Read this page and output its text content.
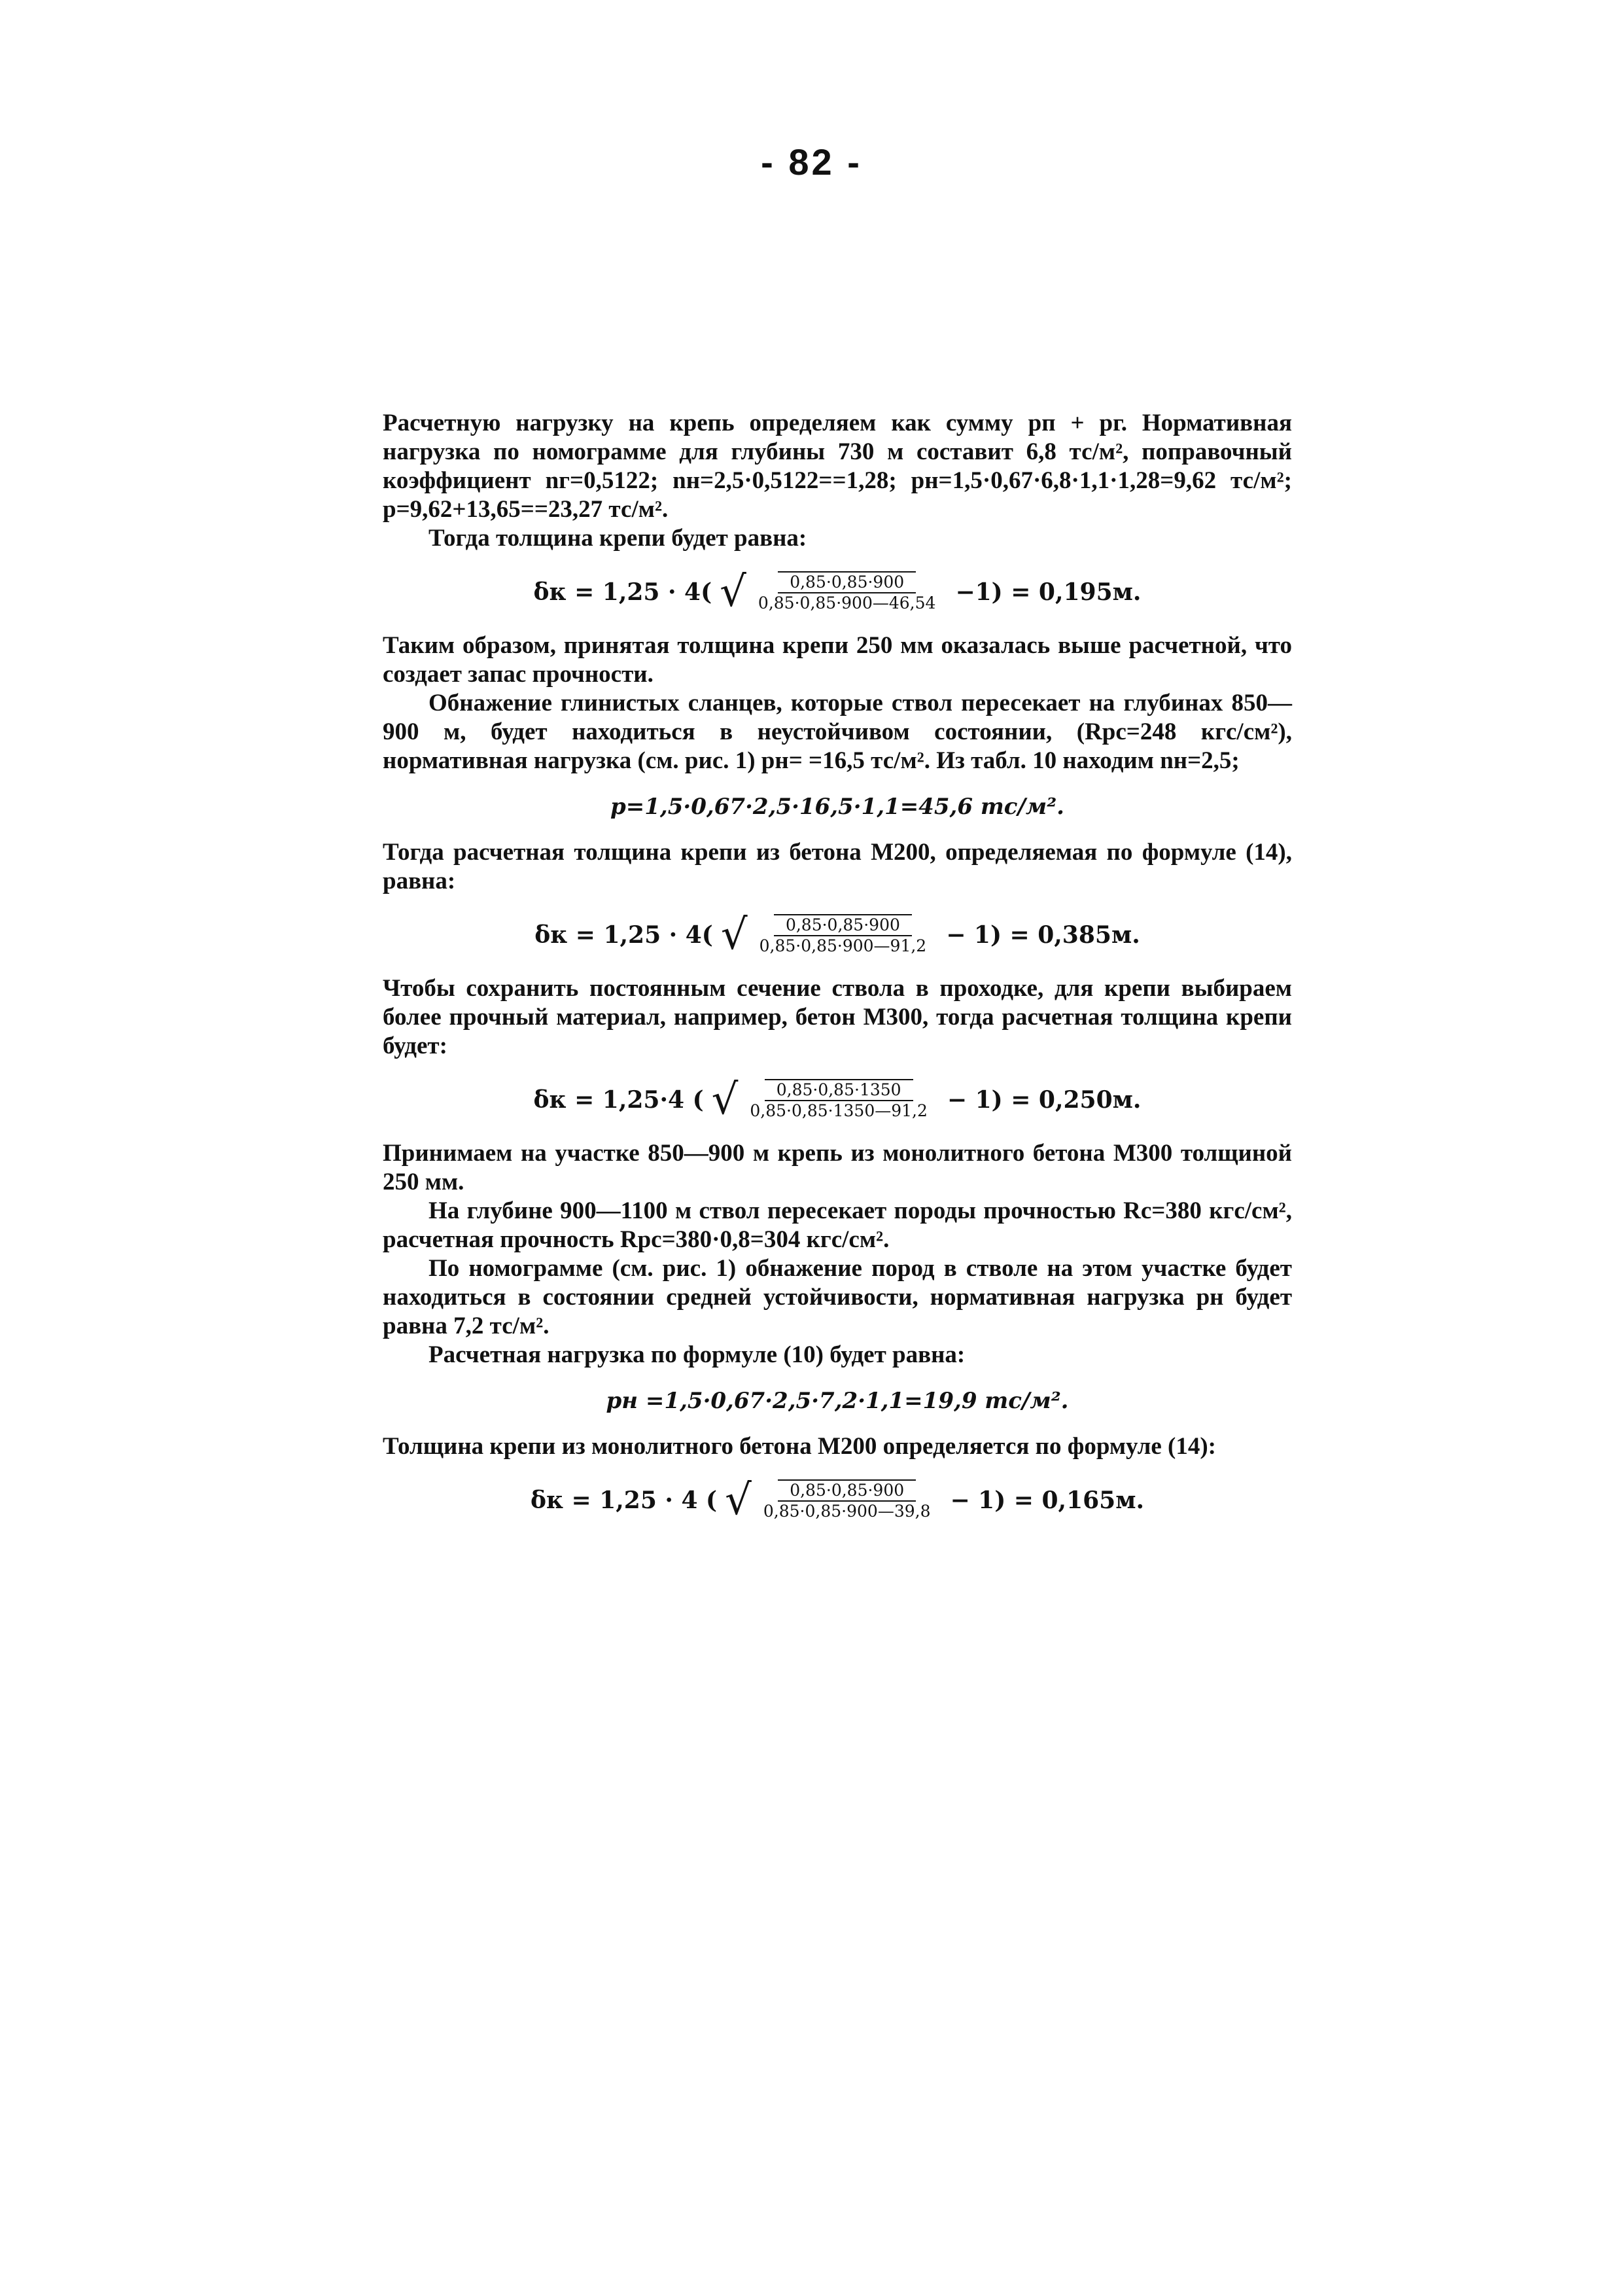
- 82 -

Расчетную нагрузку на крепь определяем как сумму pп + pг. Нормативная нагрузка по номограмме для глубины 730 м составит 6,8 тс/м², поправочный коэффициент nг=0,5122; nн=2,5·0,5122==1,28; pн=1,5·0,67·6,8·1,1·1,28=9,62 тс/м²; p=9,62+13,65==23,27 тс/м².

Тогда толщина крепи будет равна:

δк = 1,25 · 4( √ $\frac{0,85\cdot 0,85\cdot 900}{0,85\cdot 0,85\cdot 900—46,54} -1) = 0,195м$.

Таким образом, принятая толщина крепи 250 мм оказалась выше расчетной, что создает запас прочности.

Обнажение глинистых сланцев, которые ствол пересекает на глубинах 850—900 м, будет находиться в неустойчивом состоянии, (Rрс=248 кгс/см²), нормативная нагрузка (см. рис. 1) pн= =16,5 тс/м². Из табл. 10 находим nн=2,5;

p=1,5·0,67·2,5·16,5·1,1=45,6 тс/м².

Тогда расчетная толщина крепи из бетона М200, определяемая по формуле (14), равна:

δк = 1,25 · 4( √ $\frac{0,85\cdot 0,85\cdot 900}{0,85\cdot 0,85\cdot 900—91,2} - 1) = 0,385м$.

Чтобы сохранить постоянным сечение ствола в проходке, для крепи выбираем более прочный материал, например, бетон М300, тогда расчетная толщина крепи будет:

δк = 1,25·4 ( √ $\frac{0,85\cdot 0,85\cdot 1350}{0,85\cdot 0,85\cdot 1350—91,2} - 1) = 0,250м$.

Принимаем на участке 850—900 м крепь из монолитного бетона М300 толщиной 250 мм.

На глубине 900—1100 м ствол пересекает породы прочностью Rс=380 кгс/см², расчетная прочность Rрс=380·0,8=304 кгс/см².

По номограмме (см. рис. 1) обнажение пород в стволе на этом участке будет находиться в состоянии средней устойчивости, нормативная нагрузка pн будет равна 7,2 тс/м².

Расчетная нагрузка по формуле (10) будет равна:

pн =1,5·0,67·2,5·7,2·1,1=19,9 тс/м².

Толщина крепи из монолитного бетона М200 определяется по формуле (14):

δк = 1,25 · 4 ( √ $\frac{0,85\cdot 0,85\cdot 900}{0,85\cdot 0,85\cdot 900—39,8} - 1) = 0,165м$.
